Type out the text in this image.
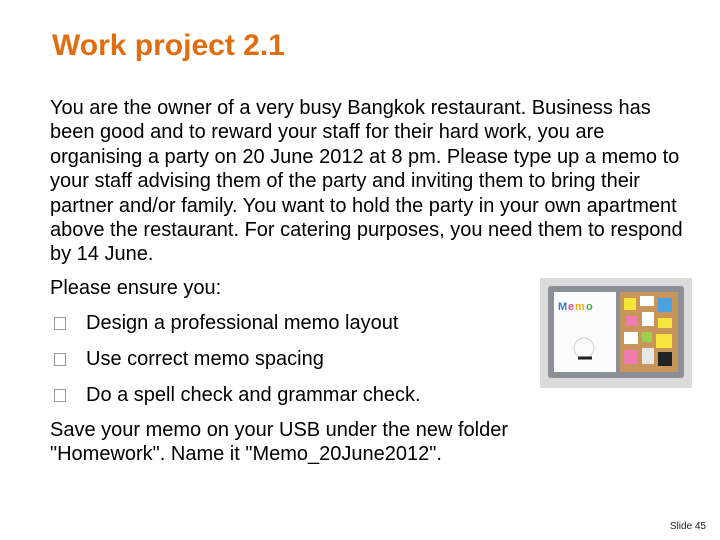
Work project 2.1

You are the owner of a very busy Bangkok restaurant. Business has been good and to reward your staff for their hard work, you are organising a party on 20 June 2012 at 8 pm. Please type up a memo to your staff advising them of the party and inviting them to bring their partner and/or family. You want to hold the party in your own apartment above the restaurant. For catering purposes, you need them to respond by 14 June.

Please ensure you:

Design a professional memo layout
Use correct memo spacing
Do a spell check and grammar check.

Save your memo on your USB under the new folder
"Homework". Name it "Memo_20June2012".

M e m o
Slide 45
